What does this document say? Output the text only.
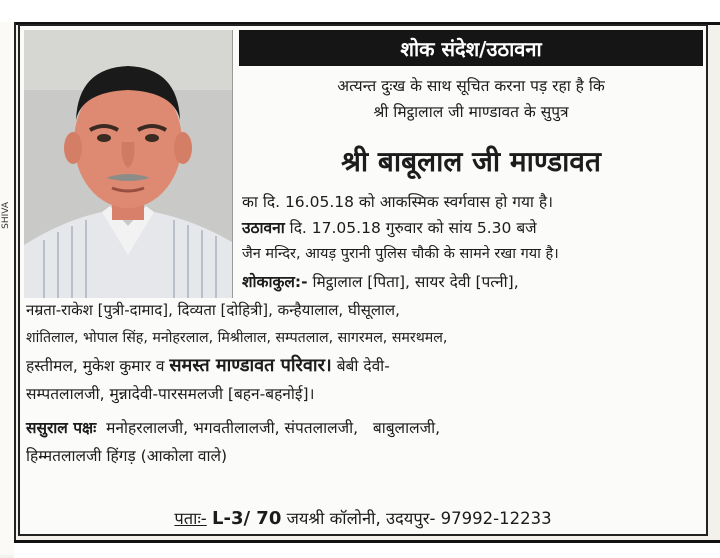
SHIVA
शोक संदेश/उठावना
अत्यन्त दुःख के साथ सूचित करना पड़ रहा है कि
श्री मिट्ठालाल जी माण्डावत के सुपुत्र
श्री बाबूलाल जी माण्डावत
का दि. 16.05.18 को आकस्मिक स्वर्गवास हो गया है।
उठावना दि. 17.05.18 गुरुवार को सांय 5.30 बजे
जैन मन्दिर, आयड़ पुरानी पुलिस चौकी के सामने रखा गया है।
शोकाकुल:- मिट्ठालाल [पिता], सायर देवी [पत्नी],
नम्रता-राकेश [पुत्री-दामाद], दिव्यता [दोहित्री], कन्हैयालाल, घीसूलाल,
शांतिलाल, भोपाल सिंह, मनोहरलाल, मिश्रीलाल, सम्पतलाल, सागरमल, समरथमल,
हस्तीमल, मुकेश कुमार व समस्त माण्डावत परिवार। बेबी देवी-
सम्पतलालजी, मुन्नादेवी-पारसमलजी [बहन-बहनोई]।
ससुराल पक्षः  मनोहरलालजी, भगवतीलालजी, संपतलालजी,   बाबुलालजी,
हिम्मतलालजी हिंगड़ (आकोला वाले)
पताः- L-3/ 70 जयश्री कॉलोनी, उदयपुर- 97992-12233
